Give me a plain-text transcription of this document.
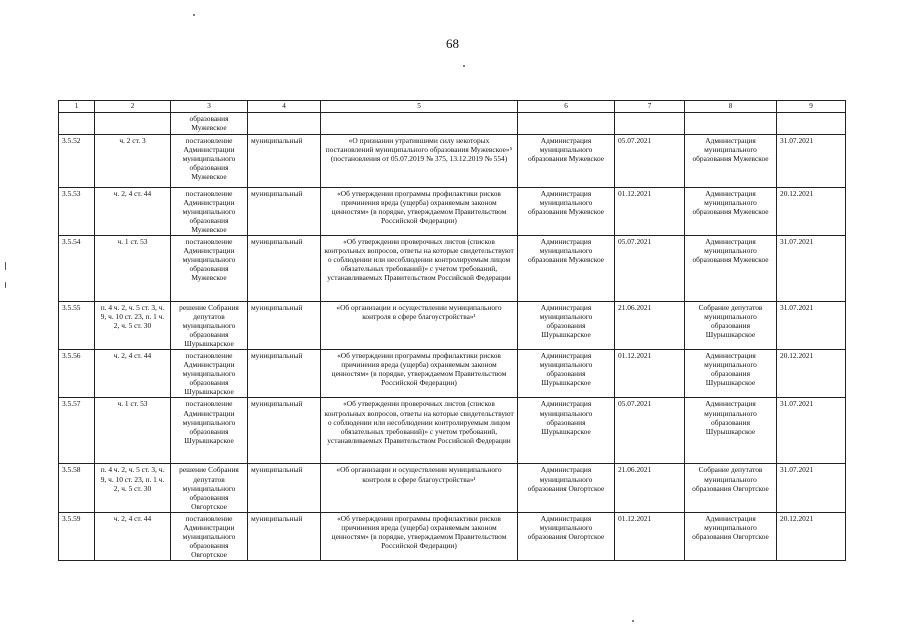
68
1	2	3	4	5	6	7	8	9
		образования Мужевское						
3.5.52	ч. 2 ст. 3	постановление Администрации муниципального образования Мужевское	муниципальный	«О признании утратившими силу некоторых постановлений муниципального образования Мужевское»⁵ (постановления от 05.07.2019 № 375, 13.12.2019 № 554)	Администрация муниципального образования Мужевское	05.07.2021	Администрация муниципального образования Мужевское	31.07.2021
3.5.53	ч. 2, 4 ст. 44	постановление Администрации муниципального образования Мужевское	муниципальный	«Об утверждении программы профилактики рисков причинения вреда (ущерба) охраняемым законом ценностям» (в порядке, утверждаемом Правительством Российской Федерации)	Администрация муниципального образования Мужевское	01.12.2021	Администрация муниципального образования Мужевское	20.12.2021
3.5.54	ч. 1 ст. 53	постановление Администрации муниципального образования Мужевское	муниципальный	«Об утверждении проверочных листов (списков контрольных вопросов, ответы на которые свидетельствуют о соблюдении или несоблюдении контролируемым лицом обязательных требований)» с учетом требований, устанавливаемых Правительством Российской Федерации	Администрация муниципального образования Мужевское	05.07.2021	Администрация муниципального образования Мужевское	31.07.2021
3.5.55	п. 4 ч. 2, ч. 5 ст. 3, ч. 9, ч. 10 ст. 23, п. 1 ч. 2, ч. 5 ст. 30	решение Собрания депутатов муниципального образования Шурышкарское	муниципальный	«Об организации и осуществлении муниципального контроля в сфере благоустройства»¹	Администрация муниципального образования Шурышкарское	21.06.2021	Собрание депутатов муниципального образования Шурышкарское	31.07.2021
3.5.56	ч. 2, 4 ст. 44	постановление Администрации муниципального образования Шурышкарское	муниципальный	«Об утверждении программы профилактики рисков причинения вреда (ущерба) охраняемым законом ценностям» (в порядке, утверждаемом Правительством Российской Федерации)	Администрация муниципального образования Шурышкарское	01.12.2021	Администрация муниципального образования Шурышкарское	20.12.2021
3.5.57	ч. 1 ст. 53	постановление Администрации муниципального образования Шурышкарское	муниципальный	«Об утверждении проверочных листов (списков контрольных вопросов, ответы на которые свидетельствуют о соблюдении или несоблюдении контролируемым лицом обязательных требований)» с учетом требований, устанавливаемых Правительством Российской Федерации	Администрация муниципального образования Шурышкарское	05.07.2021	Администрация муниципального образования Шурышкарское	31.07.2021
3.5.58	п. 4 ч. 2, ч. 5 ст. 3, ч. 9, ч. 10 ст. 23, п. 1 ч. 2, ч. 5 ст. 30	решение Собрания депутатов муниципального образования Овгортское	муниципальный	«Об организации и осуществлении муниципального контроля в сфере благоустройства»¹	Администрация муниципального образования Овгортское	21.06.2021	Собрание депутатов муниципального образования Овгортское	31.07.2021
3.5.59	ч. 2, 4 ст. 44	постановление Администрации муниципального образования Овгортское	муниципальный	«Об утверждении программы профилактики рисков причинения вреда (ущерба) охраняемым законом ценностям» (в порядке, утверждаемом Правительством Российской Федерации)	Администрация муниципального образования Овгортское	01.12.2021	Администрация муниципального образования Овгортское	20.12.2021
